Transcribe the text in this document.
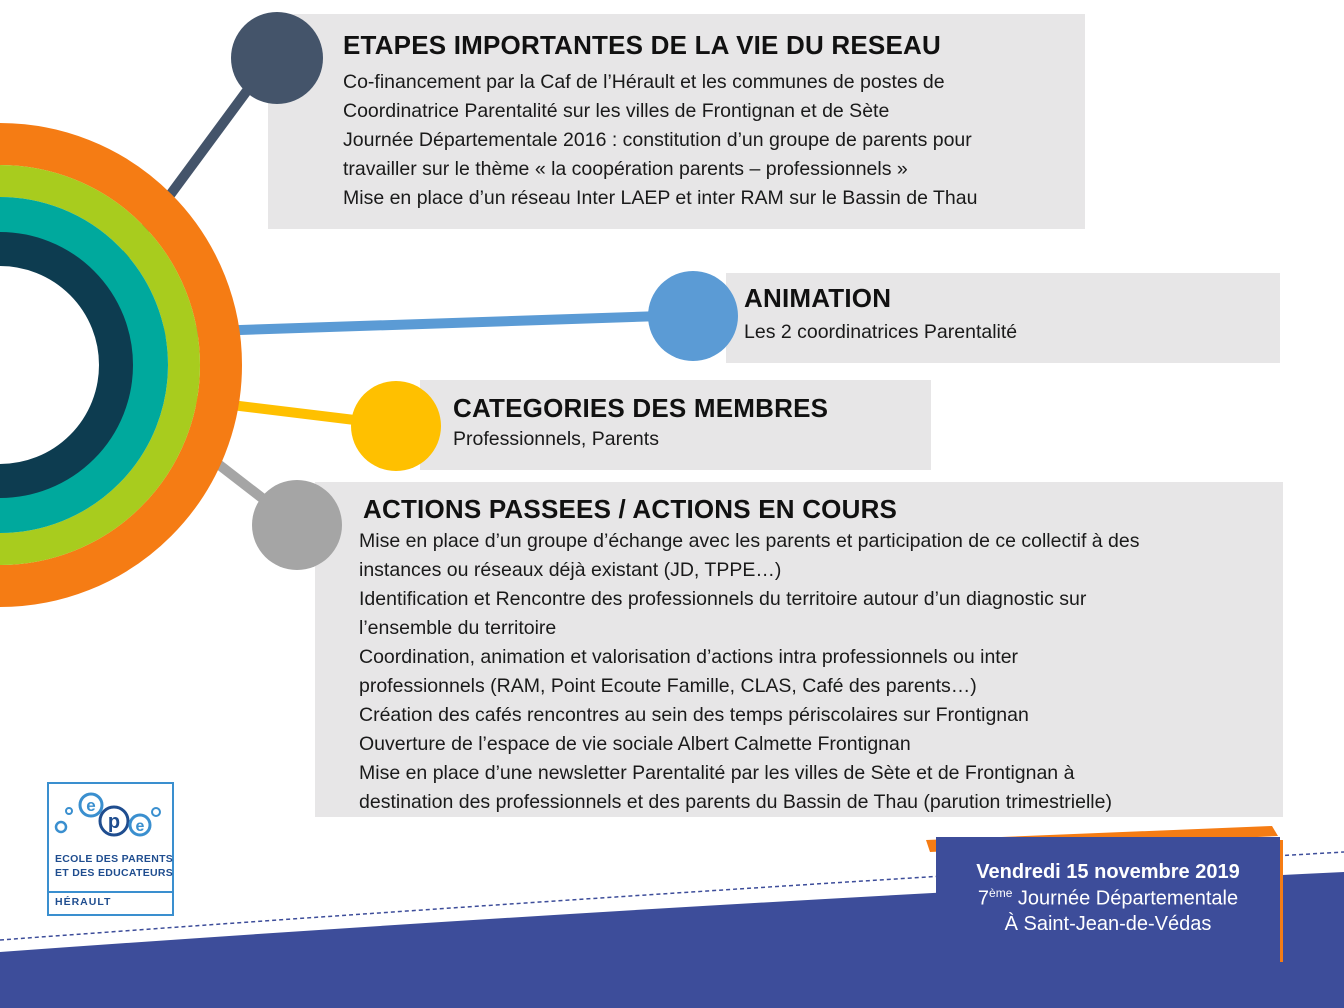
ETAPES IMPORTANTES DE LA VIE DU RESEAU
Co-financement par la Caf de l’Hérault et les communes de postes de
Coordinatrice Parentalité sur les villes de Frontignan et de Sète
Journée Départementale 2016 : constitution d’un groupe de parents pour
travailler sur le thème « la coopération parents – professionnels »
Mise en place d’un réseau Inter LAEP et inter RAM sur le Bassin de Thau
ANIMATION
Les 2 coordinatrices Parentalité
CATEGORIES DES MEMBRES
Professionnels, Parents
ACTIONS PASSEES / ACTIONS EN COURS
Mise en place d’un groupe d’échange avec les parents et participation de ce collectif à des
instances ou réseaux déjà existant (JD, TPPE…)
Identification et Rencontre des professionnels du territoire autour d’un diagnostic sur
l’ensemble du territoire
Coordination, animation et valorisation d’actions intra professionnels ou inter
professionnels (RAM, Point Ecoute Famille, CLAS, Café des parents…)
Création des cafés rencontres au sein des temps périscolaires sur Frontignan
Ouverture de l’espace de vie sociale Albert Calmette Frontignan
Mise en place d’une newsletter Parentalité par les villes de Sète et de Frontignan à
destination des professionnels et des parents du Bassin de Thau (parution trimestrielle)
e
p e
ECOLE DES PARENTS
ET DES EDUCATEURS
HÉRAULT
Vendredi 15 novembre 2019
7ème Journée Départementale
À Saint-Jean-de-Védas
